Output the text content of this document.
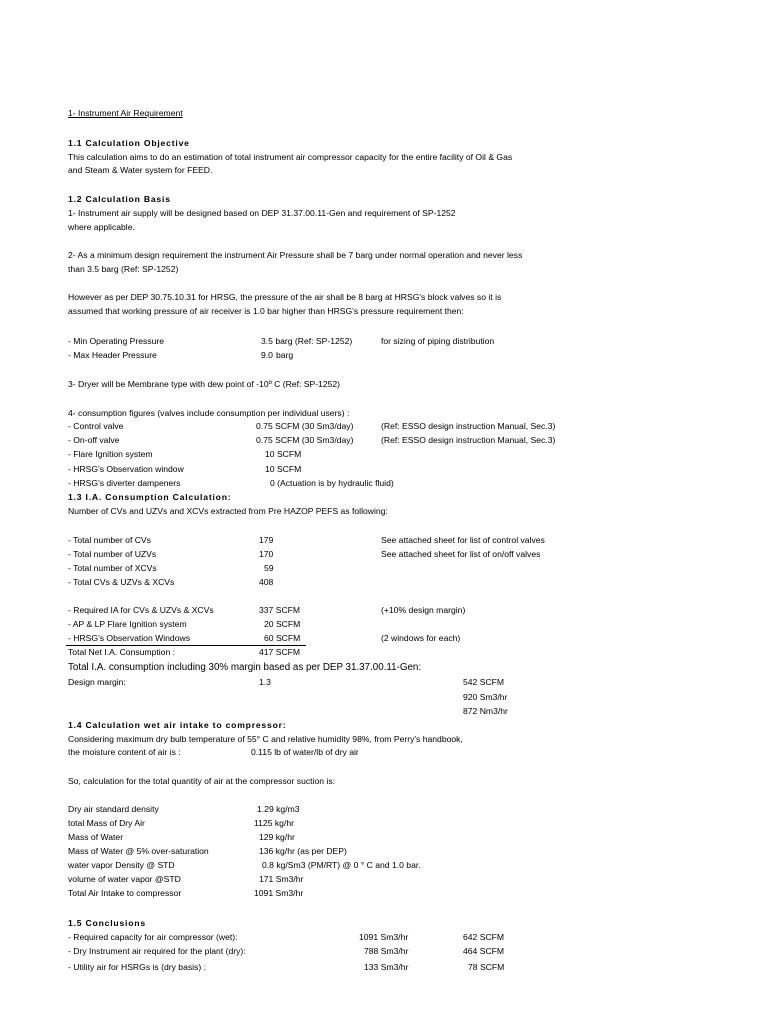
1- Instrument Air Requirement
1.1 Calculation Objective
This calculation aims to do an estimation of total instrument air compressor capacity for the entire facility of Oil & Gas
and Steam & Water system for FEED.
1.2 Calculation Basis
1- Instrument air supply will be designed based on DEP 31.37.00.11-Gen and requirement of SP-1252
where applicable.
2- As a minimum design requirement the instrument Air Pressure shall be 7 barg under normal operation and never less
than 3.5 barg (Ref: SP-1252)
However as per DEP 30.75.10.31 for HRSG, the pressure of the air shall be 8 barg at HRSG's block valves so it is
assumed that working pressure of air receiver is 1.0 bar higher than HRSG's pressure requirement then:
- Min Operating Pressure	3.5 barg (Ref: SP-1252)	for sizing of piping distribution
- Max Header Pressure	9.0 barg
3- Dryer will be Membrane type with dew point of -10º C (Ref: SP-1252)
4- consumption figures (valves include consumption per individual users) :
- Control valve	0.75 SCFM (30 Sm3/day)	(Ref: ESSO design instruction Manual, Sec.3)
- On-off valve	0.75 SCFM (30 Sm3/day)	(Ref: ESSO design instruction Manual, Sec.3)
- Flare Ignition system	10 SCFM
- HRSG's Observation window	10 SCFM
- HRSG's diverter dampeners	0 (Actuation is by hydraulic fluid)
1.3 I.A. Consumption Calculation:
Number of CVs and UZVs and XCVs extracted from Pre HAZOP PEFS as following:
- Total number of CVs	179	See attached sheet for list of control valves
- Total number of UZVs	170	See attached sheet for list of on/off valves
- Total number of XCVs	59
- Total CVs & UZVs & XCVs	408
- Required IA for CVs & UZVs & XCVs	337 SCFM	(+10% design margin)
- AP & LP Flare Ignition system	20 SCFM
- HRSG's Observation Windows	60 SCFM	(2 windows for each)
Total Net I.A. Consumption :	417 SCFM
Total I.A. consumption including 30% margin based as per DEP 31.37.00.11-Gen:
Design margin:	1.3	542 SCFM
920 Sm3/hr
872 Nm3/hr
1.4 Calculation wet air intake to compressor:
Considering maximum dry bulb temperature of 55° C and relative humidity 98%, from Perry's handbook,
the moisture content of air is :	0.115 lb of water/lb of dry air
So, calculation for the total quantity of air at the compressor suction is:
Dry air standard density	1.29 kg/m3
total Mass of Dry Air	1125 kg/hr
Mass of Water	129 kg/hr
Mass of Water @ 5% over-saturation	136 kg/hr (as per DEP)
water vapor Density @ STD	0.8 kg/Sm3 (PM/RT) @ 0 ° C and 1.0 bar.
volume of water vapor @STD	171 Sm3/hr
Total Air Intake to compressor	1091 Sm3/hr
1.5 Conclusions
- Required capacity for air compressor (wet):	1091 Sm3/hr	642 SCFM
- Dry Instrument air required for the plant (dry):	788 Sm3/hr	464 SCFM
- Utility air for HSRGs is (dry basis) :	133 Sm3/hr	78 SCFM
